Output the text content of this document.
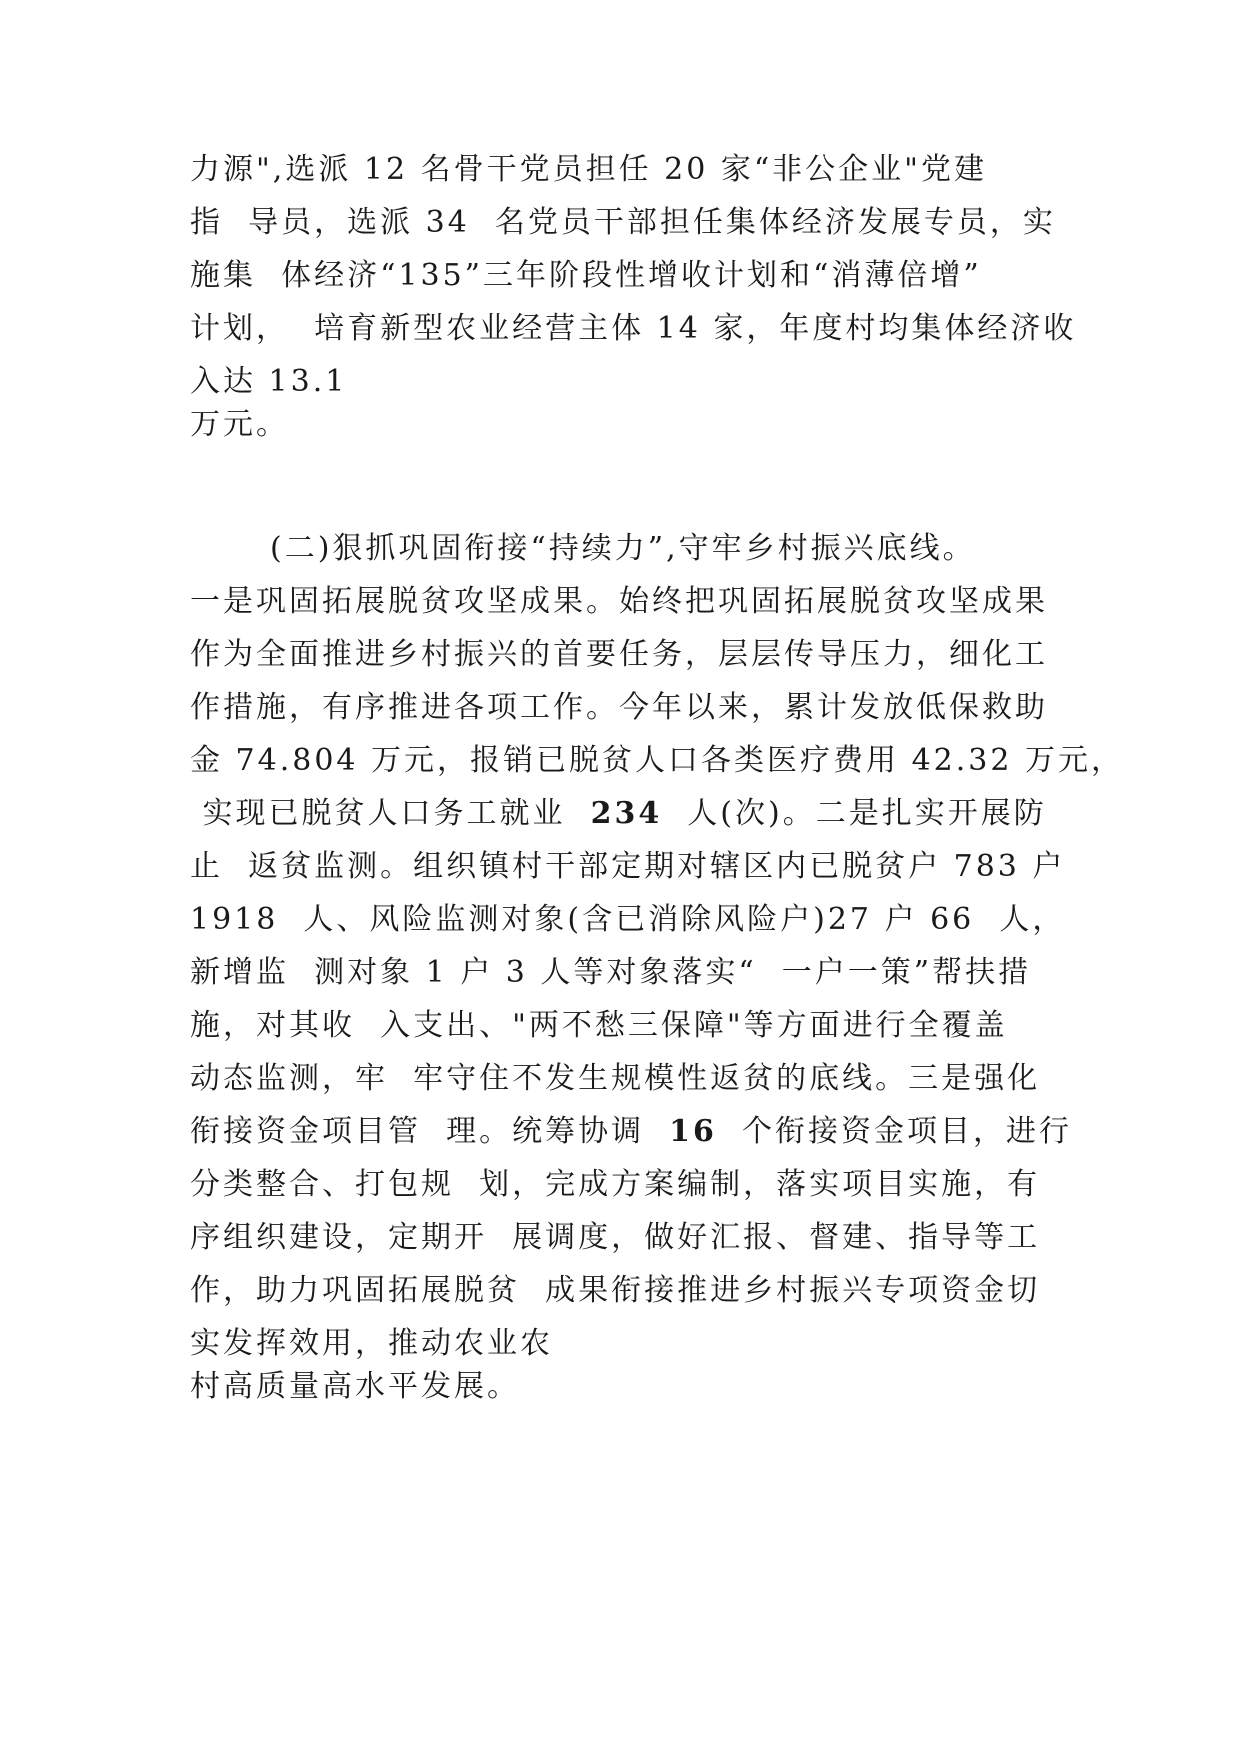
力源",选派 12 名骨干党员担任 20 家“非公企业"党建
指  导员，选派 34  名党员干部担任集体经济发展专员，实
施集  体经济“135”三年阶段性增收计划和“消薄倍增”
计划，  培育新型农业经营主体 14 家，年度村均集体经济收
入达 13.1
万元。
(二)狠抓巩固衔接“持续力”,守牢乡村振兴底线。
一是巩固拓展脱贫攻坚成果。始终把巩固拓展脱贫攻坚成果
作为全面推进乡村振兴的首要任务，层层传导压力，细化工
作措施，有序推进各项工作。今年以来，累计发放低保救助
金 74.804 万元，报销已脱贫人口各类医疗费用 42.32 万元，
实现已脱贫人口务工就业  234  人(次)。二是扎实开展防
止  返贫监测。组织镇村干部定期对辖区内已脱贫户 783 户
1918  人、风险监测对象(含已消除风险户)27 户 66  人，
新增监  测对象 1 户 3 人等对象落实“  一户一策”帮扶措
施，对其收  入支出、"两不愁三保障"等方面进行全覆盖
动态监测，牢  牢守住不发生规模性返贫的底线。三是强化
衔接资金项目管  理。统筹协调  16  个衔接资金项目，进行
分类整合、打包规  划，完成方案编制，落实项目实施，有
序组织建设，定期开  展调度，做好汇报、督建、指导等工
作，助力巩固拓展脱贫  成果衔接推进乡村振兴专项资金切
实发挥效用，推动农业农
村高质量高水平发展。
